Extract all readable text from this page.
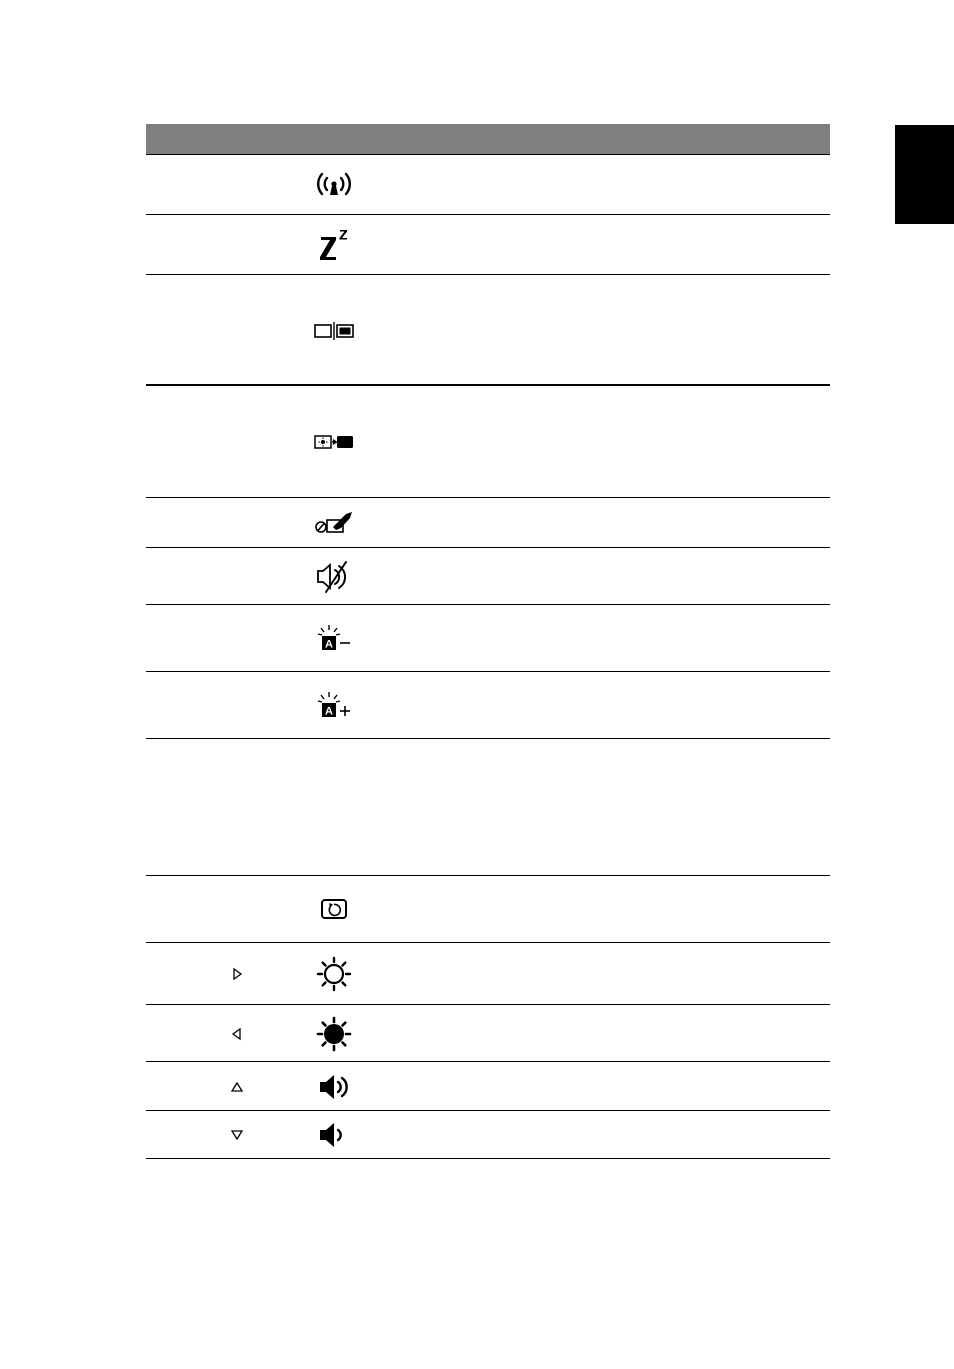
A
A
